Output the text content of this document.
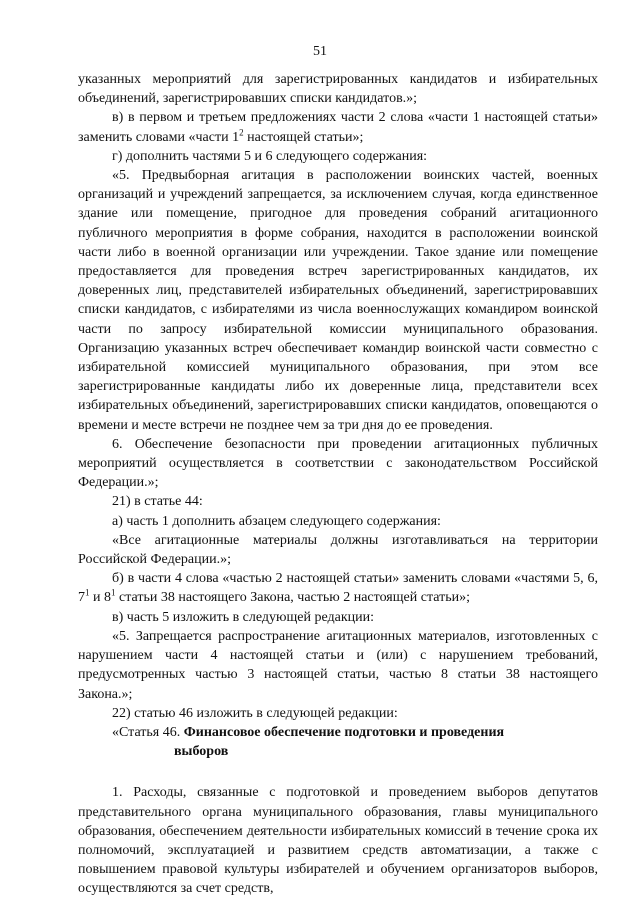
51

указанных мероприятий для зарегистрированных кандидатов и избирательных объединений, зарегистрировавших списки кандидатов.»;

в) в первом и третьем предложениях части 2 слова «части 1 настоящей статьи» заменить словами «части $1^2$ настоящей статьи»;

г) дополнить частями 5 и 6 следующего содержания:

«5. Предвыборная агитация в расположении воинских частей, военных организаций и учреждений запрещается, за исключением случая, когда единственное здание или помещение, пригодное для проведения собраний агитационного публичного мероприятия в форме собрания, находится в расположении воинской части либо в военной организации или учреждении. Такое здание или помещение предоставляется для проведения встреч зарегистрированных кандидатов, их доверенных лиц, представителей избирательных объединений, зарегистрировавших списки кандидатов, с избирателями из числа военнослужащих командиром воинской части по запросу избирательной комиссии муниципального образования. Организацию указанных встреч обеспечивает командир воинской части совместно с избирательной комиссией муниципального образования, при этом все зарегистрированные кандидаты либо их доверенные лица, представители всех избирательных объединений, зарегистрировавших списки кандидатов, оповещаются о времени и месте встречи не позднее чем за три дня до ее проведения.

6. Обеспечение безопасности при проведении агитационных публичных мероприятий осуществляется в соответствии с законодательством Российской Федерации.»;

21) в статье 44:

а) часть 1 дополнить абзацем следующего содержания:

«Все агитационные материалы должны изготавливаться на территории Российской Федерации.»;

б) в части 4 слова «частью 2 настоящей статьи» заменить словами «частями 5, 6, $7^1$ и $8^1$ статьи 38 настоящего Закона, частью 2 настоящей статьи»;

в) часть 5 изложить в следующей редакции:

«5. Запрещается распространение агитационных материалов, изготовленных с нарушением части 4 настоящей статьи и (или) с нарушением требований, предусмотренных частью 3 настоящей статьи, частью 8 статьи 38 настоящего Закона.»;

22) статью 46 изложить в следующей редакции:

«Статья 46. Финансовое обеспечение подготовки и проведения
выборов

1. Расходы, связанные с подготовкой и проведением выборов депутатов представительного органа муниципального образования, главы муниципального образования, обеспечением деятельности избирательных комиссий в течение срока их полномочий, эксплуатацией и развитием средств автоматизации, а также с повышением правовой культуры избирателей и обучением организаторов выборов, осуществляются за счет средств,
